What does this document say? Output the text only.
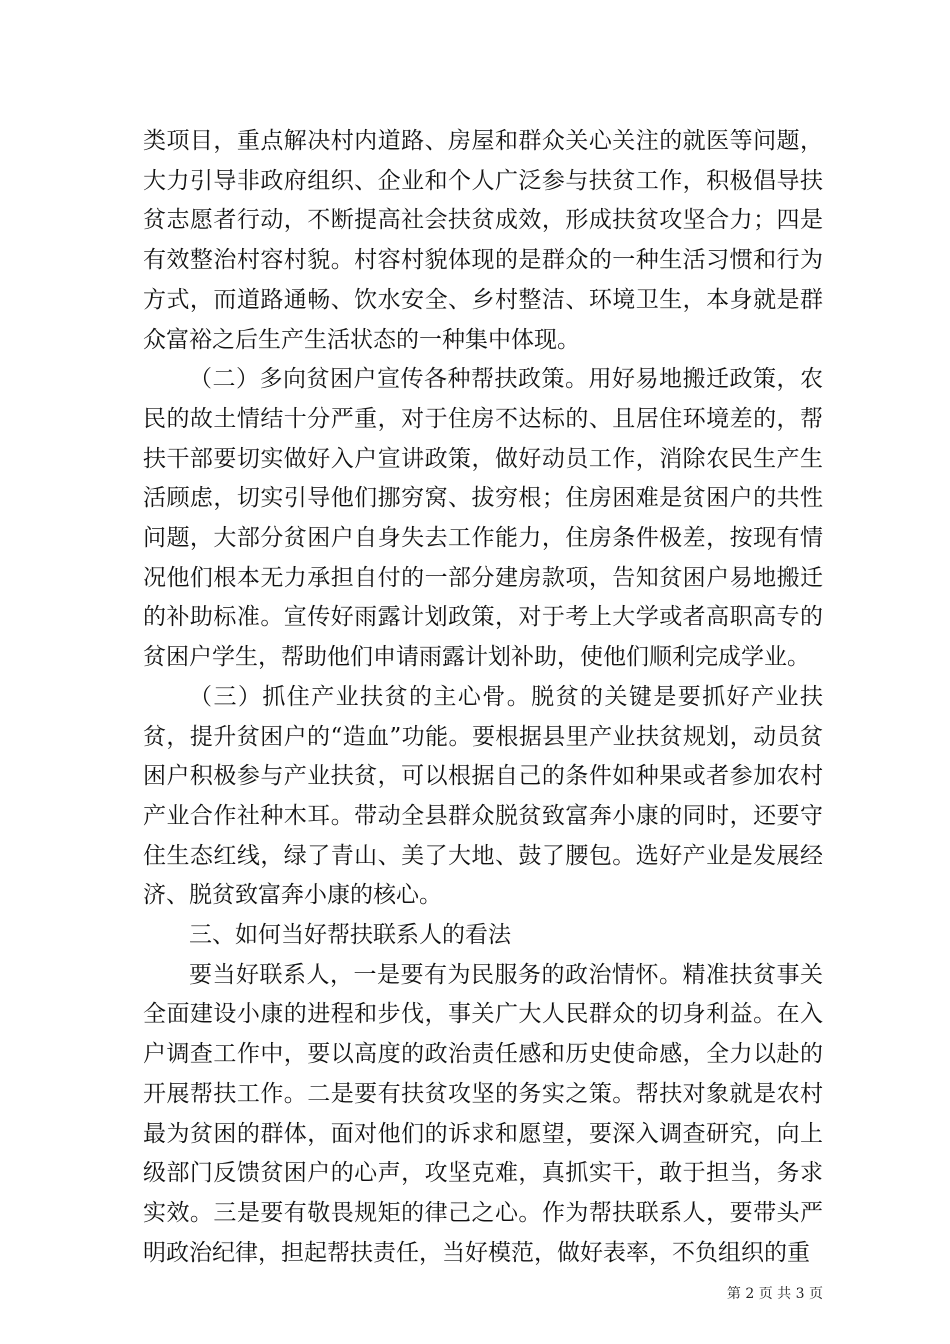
类项目，重点解决村内道路、房屋和群众关心关注的就医等问题，大力引导非政府组织、企业和个人广泛参与扶贫工作，积极倡导扶贫志愿者行动，不断提高社会扶贫成效，形成扶贫攻坚合力；四是有效整治村容村貌。村容村貌体现的是群众的一种生活习惯和行为方式，而道路通畅、饮水安全、乡村整洁、环境卫生，本身就是群众富裕之后生产生活状态的一种集中体现。

（二）多向贫困户宣传各种帮扶政策。用好易地搬迁政策，农民的故土情结十分严重，对于住房不达标的、且居住环境差的，帮扶干部要切实做好入户宣讲政策，做好动员工作，消除农民生产生活顾虑，切实引导他们挪穷窝、拔穷根；住房困难是贫困户的共性问题，大部分贫困户自身失去工作能力，住房条件极差，按现有情况他们根本无力承担自付的一部分建房款项，告知贫困户易地搬迁的补助标准。宣传好雨露计划政策，对于考上大学或者高职高专的贫困户学生，帮助他们申请雨露计划补助，使他们顺利完成学业。

（三）抓住产业扶贫的主心骨。脱贫的关键是要抓好产业扶贫，提升贫困户的“造血”功能。要根据县里产业扶贫规划，动员贫困户积极参与产业扶贫，可以根据自己的条件如种果或者参加农村产业合作社种木耳。带动全县群众脱贫致富奔小康的同时，还要守住生态红线，绿了青山、美了大地、鼓了腰包。选好产业是发展经济、脱贫致富奔小康的核心。

三、如何当好帮扶联系人的看法

要当好联系人，一是要有为民服务的政治情怀。精准扶贫事关全面建设小康的进程和步伐，事关广大人民群众的切身利益。在入户调查工作中，要以高度的政治责任感和历史使命感，全力以赴的开展帮扶工作。二是要有扶贫攻坚的务实之策。帮扶对象就是农村最为贫困的群体，面对他们的诉求和愿望，要深入调查研究，向上级部门反馈贫困户的心声，攻坚克难，真抓实干，敢于担当，务求实效。三是要有敬畏规矩的律己之心。作为帮扶联系人，要带头严明政治纪律，担起帮扶责任，当好模范，做好表率，不负组织的重

第 2 页 共 3 页
